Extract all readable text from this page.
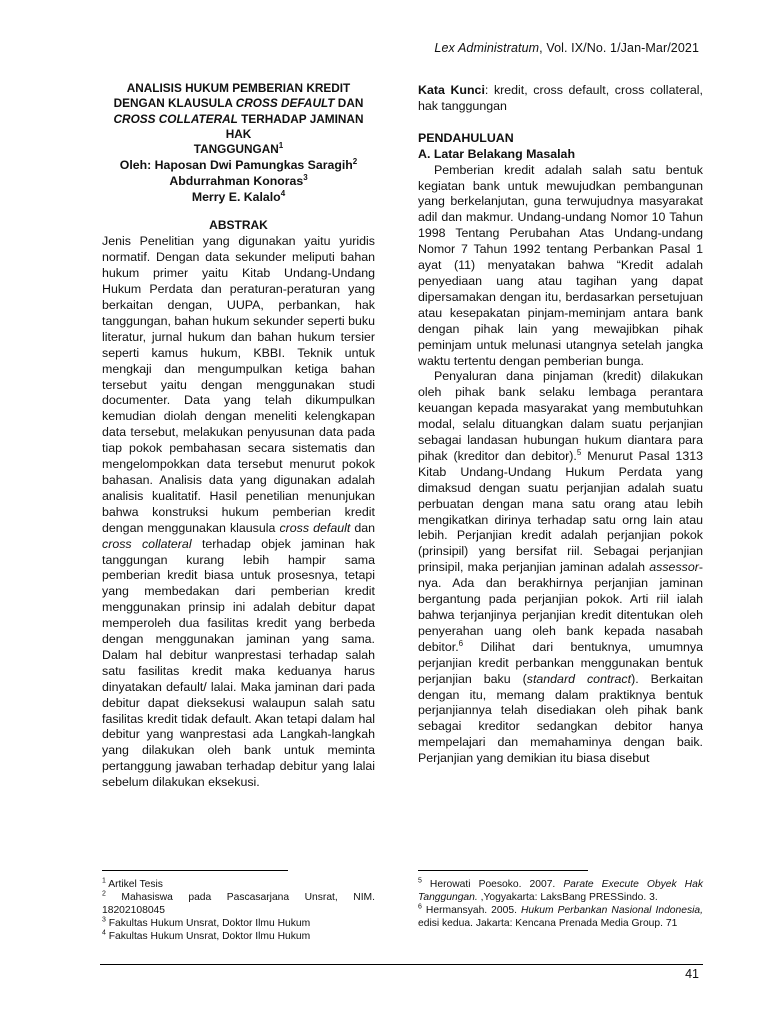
Lex Administratum, Vol. IX/No. 1/Jan-Mar/2021

ANALISIS HUKUM PEMBERIAN KREDIT
DENGAN KLAUSULA CROSS DEFAULT DAN
CROSS COLLATERAL TERHADAP JAMINAN HAK
TANGGUNGAN$^1$

Oleh: Haposan Dwi Pamungkas Saragih$^2$
Abdurrahman Konoras$^3$
Merry E. Kalalo$^4$

ABSTRAK

Jenis Penelitian yang digunakan yaitu yuridis normatif. Dengan data sekunder meliputi bahan hukum primer yaitu Kitab Undang-Undang Hukum Perdata dan peraturan-peraturan yang berkaitan dengan, UUPA, perbankan, hak tanggungan, bahan hukum sekunder seperti buku literatur, jurnal hukum dan bahan hukum tersier seperti kamus hukum, KBBI. Teknik untuk mengkaji dan mengumpulkan ketiga bahan tersebut yaitu dengan menggunakan studi documenter. Data yang telah dikumpulkan kemudian diolah dengan meneliti kelengkapan data tersebut, melakukan penyusunan data pada tiap pokok pembahasan secara sistematis dan mengelompokkan data tersebut menurut pokok bahasan. Analisis data yang digunakan adalah analisis kualitatif. Hasil penetilian menunjukan bahwa konstruksi hukum pemberian kredit dengan menggunakan klausula cross default dan cross collateral terhadap objek jaminan hak tanggungan kurang lebih hampir sama pemberian kredit biasa untuk prosesnya, tetapi yang membedakan dari pemberian kredit menggunakan prinsip ini adalah debitur dapat memperoleh dua fasilitas kredit yang berbeda dengan menggunakan jaminan yang sama. Dalam hal debitur wanprestasi terhadap salah satu fasilitas kredit maka keduanya harus dinyatakan default/ lalai. Maka jaminan dari pada debitur dapat dieksekusi walaupun salah satu fasilitas kredit tidak default. Akan tetapi dalam hal debitur yang wanprestasi ada Langkah-langkah yang dilakukan oleh bank untuk meminta pertanggung jawaban terhadap debitur yang lalai sebelum dilakukan eksekusi.

Kata Kunci: kredit, cross default, cross collateral, hak tanggungan

PENDAHULUAN

A. Latar Belakang Masalah

Pemberian kredit adalah salah satu bentuk kegiatan bank untuk mewujudkan pembangunan yang berkelanjutan, guna terwujudnya masyarakat adil dan makmur. Undang-undang Nomor 10 Tahun 1998 Tentang Perubahan Atas Undang-undang Nomor 7 Tahun 1992 tentang Perbankan Pasal 1 ayat (11) menyatakan bahwa “Kredit adalah penyediaan uang atau tagihan yang dapat dipersamakan dengan itu, berdasarkan persetujuan atau kesepakatan pinjam-meminjam antara bank dengan pihak lain yang mewajibkan pihak peminjam untuk melunasi utangnya setelah jangka waktu tertentu dengan pemberian bunga.

Penyaluran dana pinjaman (kredit) dilakukan oleh pihak bank selaku lembaga perantara keuangan kepada masyarakat yang membutuhkan modal, selalu dituangkan dalam suatu perjanjian sebagai landasan hubungan hukum diantara para pihak (kreditor dan debitor).$^5$ Menurut Pasal 1313 Kitab Undang-Undang Hukum Perdata yang dimaksud dengan suatu perjanjian adalah suatu perbuatan dengan mana satu orang atau lebih mengikatkan dirinya terhadap satu orng lain atau lebih. Perjanjian kredit adalah perjanjian pokok (prinsipil) yang bersifat riil. Sebagai perjanjian prinsipil, maka perjanjian jaminan adalah assessor-nya. Ada dan berakhirnya perjanjian jaminan bergantung pada perjanjian pokok. Arti riil ialah bahwa terjanjinya perjanjian kredit ditentukan oleh penyerahan uang oleh bank kepada nasabah debitor.$^6$ Dilihat dari bentuknya, umumnya perjanjian kredit perbankan menggunakan bentuk perjanjian baku (standard contract). Berkaitan dengan itu, memang dalam praktiknya bentuk perjanjiannya telah disediakan oleh pihak bank sebagai kreditor sedangkan debitor hanya mempelajari dan memahaminya dengan baik. Perjanjian yang demikian itu biasa disebut

$^1$ Artikel Tesis

$^2$    Mahasiswa    pada    Pascasarjana    Unsrat,    NIM. 18202108045

$^3$ Fakultas Hukum Unsrat, Doktor Ilmu Hukum

$^4$ Fakultas Hukum Unsrat, Doktor Ilmu Hukum

$^5$ Herowati Poesoko. 2007. Parate Execute Obyek Hak Tanggungan. ,Yogyakarta: LaksBang PRESSindo. 3.

$^6$ Hermansyah. 2005. Hukum Perbankan Nasional Indonesia, edisi kedua. Jakarta: Kencana Prenada Media Group. 71

41
